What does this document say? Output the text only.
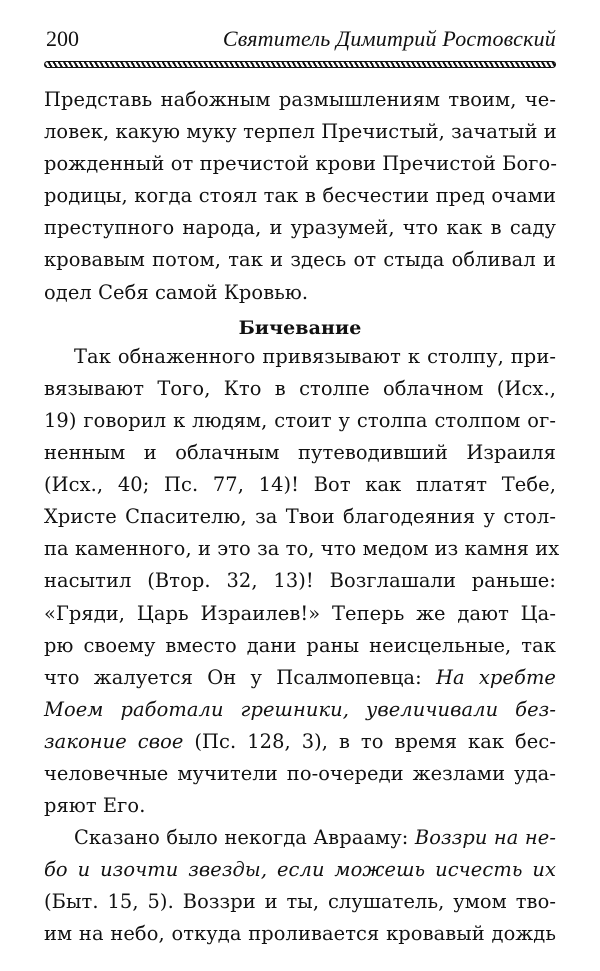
200	Святитель Димитрий Ростовский

Представь набожным размышлениям твоим, че-
ловек, какую муку терпел Пречистый, зачатый и
рожденный от пречистой крови Пречистой Бого-
родицы, когда стоял так в бесчестии пред очами
преступного народа, и уразумей, что как в саду
кровавым потом, так и здесь от стыда обливал и
одел Себя самой Кровью.

Бичевание

Так обнаженного привязывают к столпу, при-
вязывают Того, Кто в столпе облачном (Исх.,
19) говорил к людям, стоит у столпа столпом ог-
ненным и облачным путеводивший Израиля
(Исх., 40; Пс. 77, 14)! Вот как платят Тебе,
Христе Спасителю, за Твои благодеяния у стол-
па каменного, и это за то, что медом из камня их
насытил (Втор. 32, 13)! Возглашали раньше:
«Гряди, Царь Израилев!» Теперь же дают Ца-
рю своему вместо дани раны неисцельные, так
что жалуется Он у Псалмопевца: На хребте
Моем работали грешники, увеличивали без-
законие свое (Пс. 128, 3), в то время как бес-
человечные мучители по-очереди жезлами уда-
ряют Его.

Сказано было некогда Аврааму: Воззри на не-
бо и изочти звезды, если можешь исчесть их
(Быт. 15, 5). Воззри и ты, слушатель, умом тво-
им на небо, откуда проливается кровавый дождь
